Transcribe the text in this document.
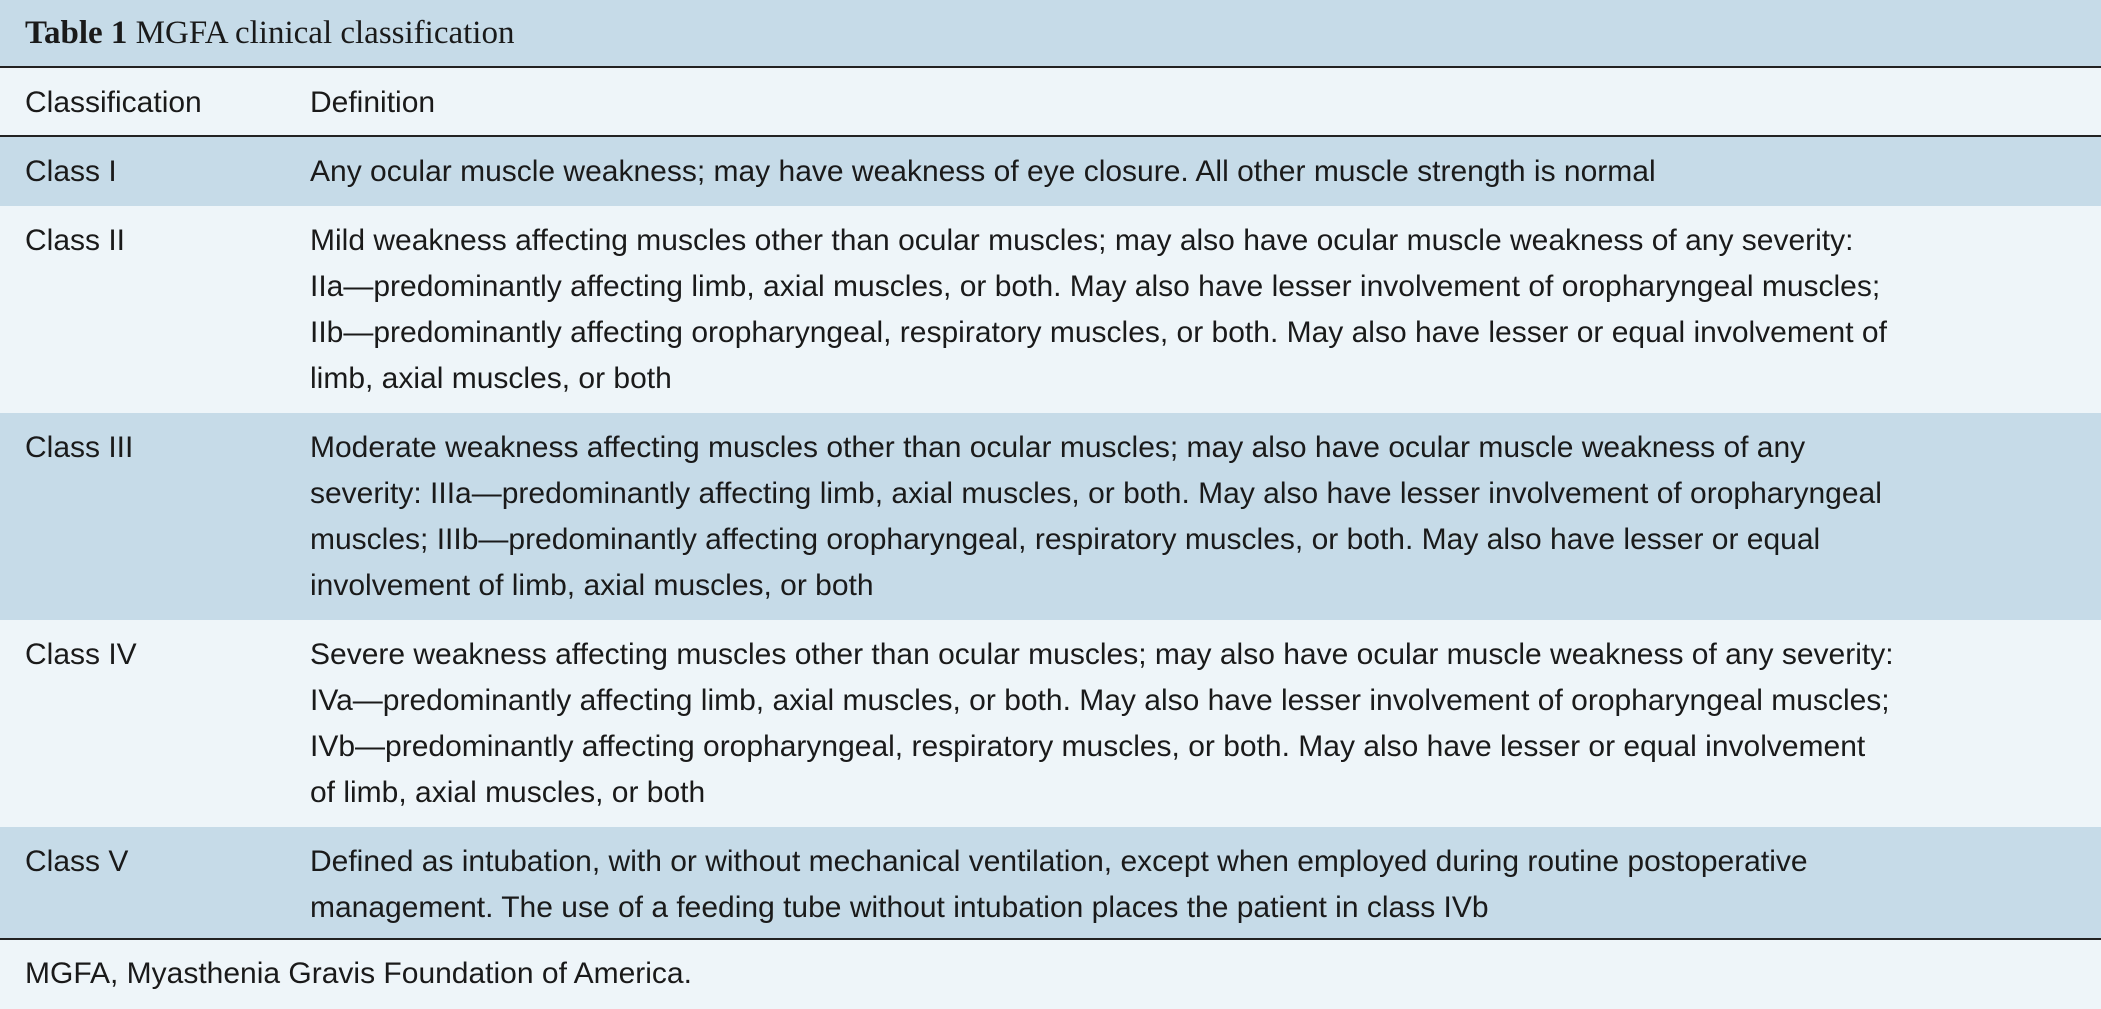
Table 1 MGFA clinical classification
Classification	Definition
Class I	Any ocular muscle weakness; may have weakness of eye closure. All other muscle strength is normal
Class II	Mild weakness affecting muscles other than ocular muscles; may also have ocular muscle weakness of any severity:
IIa—predominantly affecting limb, axial muscles, or both. May also have lesser involvement of oropharyngeal muscles;
IIb—predominantly affecting oropharyngeal, respiratory muscles, or both. May also have lesser or equal involvement of
limb, axial muscles, or both
Class III	Moderate weakness affecting muscles other than ocular muscles; may also have ocular muscle weakness of any
severity: IIIa—predominantly affecting limb, axial muscles, or both. May also have lesser involvement of oropharyngeal
muscles; IIIb—predominantly affecting oropharyngeal, respiratory muscles, or both. May also have lesser or equal
involvement of limb, axial muscles, or both
Class IV	Severe weakness affecting muscles other than ocular muscles; may also have ocular muscle weakness of any severity:
IVa—predominantly affecting limb, axial muscles, or both. May also have lesser involvement of oropharyngeal muscles;
IVb—predominantly affecting oropharyngeal, respiratory muscles, or both. May also have lesser or equal involvement
of limb, axial muscles, or both
Class V	Defined as intubation, with or without mechanical ventilation, except when employed during routine postoperative
management. The use of a feeding tube without intubation places the patient in class IVb
MGFA, Myasthenia Gravis Foundation of America.
